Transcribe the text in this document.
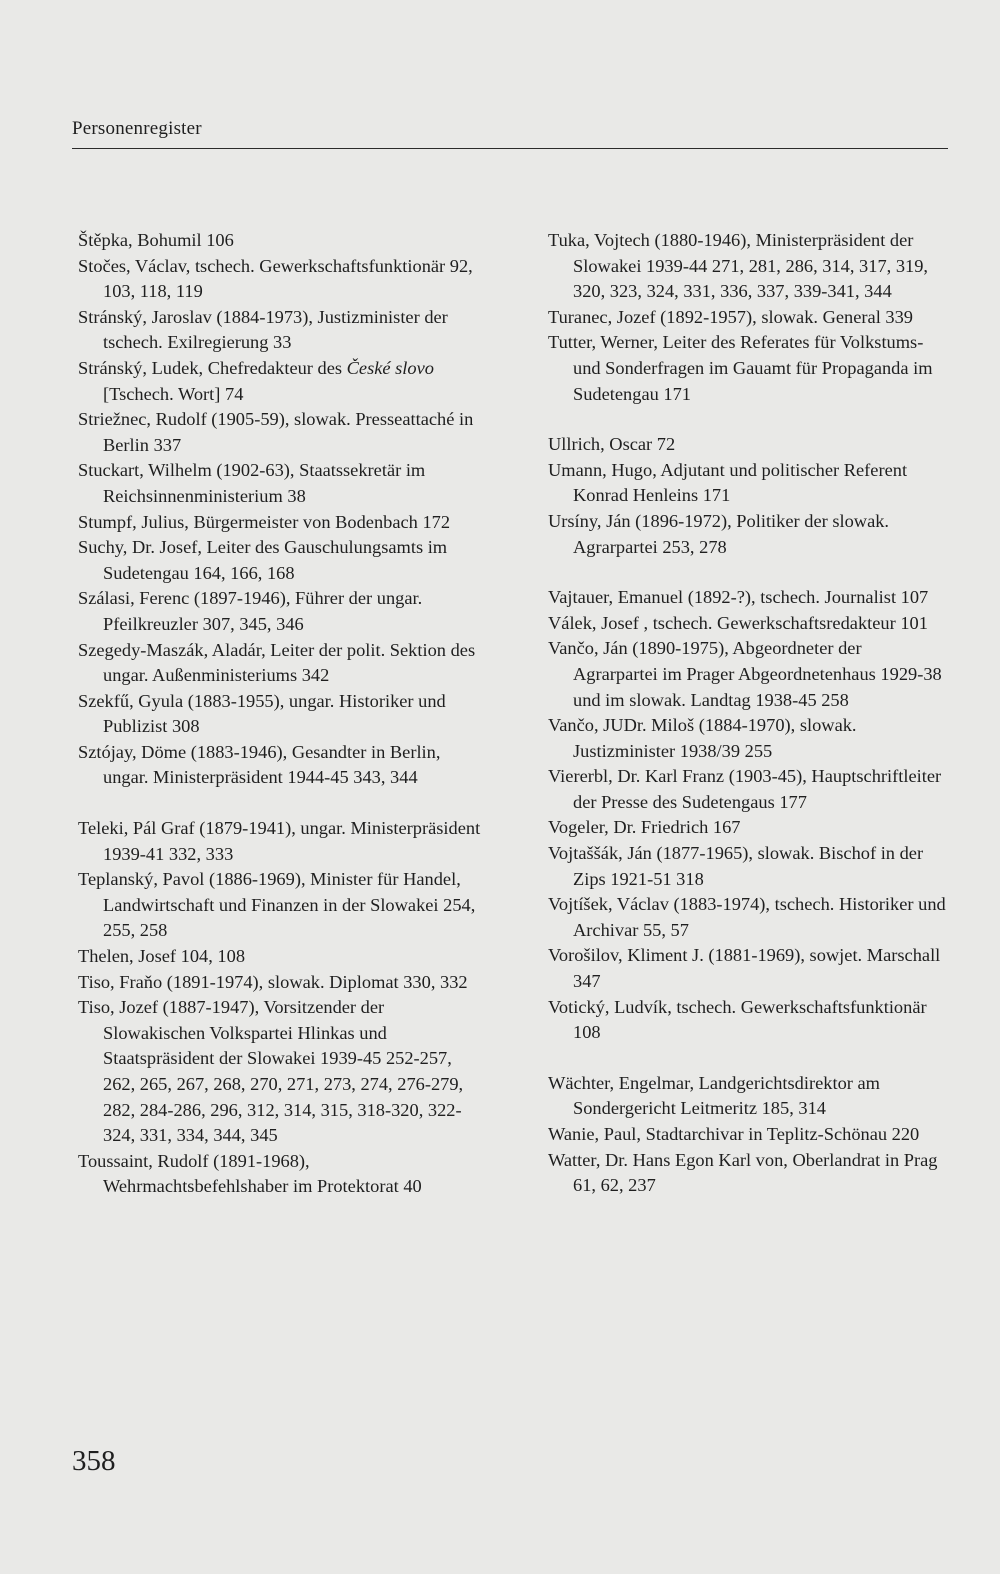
Personenregister

Štěpka, Bohumil 106

Stočes, Václav, tschech. Gewerkschaftsfunktionär 92, 103, 118, 119

Stránský, Jaroslav (1884-1973), Justizminister der tschech. Exilregierung 33

Stránský, Ludek, Chefredakteur des České slovo [Tschech. Wort] 74

Striežnec, Rudolf (1905-59), slowak. Presseattaché in Berlin 337

Stuckart, Wilhelm (1902-63), Staatssekretär im Reichsinnenministerium 38

Stumpf, Julius, Bürgermeister von Bodenbach 172

Suchy, Dr. Josef, Leiter des Gauschulungsamts im Sudetengau 164, 166, 168

Szálasi, Ferenc (1897-1946), Führer der ungar. Pfeilkreuzler 307, 345, 346

Szegedy-Maszák, Aladár, Leiter der polit. Sektion des ungar. Außenministeriums 342

Szekfű, Gyula (1883-1955), ungar. Historiker und Publizist 308

Sztójay, Döme (1883-1946), Gesandter in Berlin, ungar. Ministerpräsident 1944-45 343, 344

Teleki, Pál Graf (1879-1941), ungar. Ministerpräsident 1939-41 332, 333

Teplanský, Pavol (1886-1969), Minister für Handel, Landwirtschaft und Finanzen in der Slowakei 254, 255, 258

Thelen, Josef 104, 108

Tiso, Fraňo (1891-1974), slowak. Diplomat 330, 332

Tiso, Jozef (1887-1947), Vorsitzender der Slowakischen Volkspartei Hlinkas und Staatspräsident der Slowakei 1939-45 252-257, 262, 265, 267, 268, 270, 271, 273, 274, 276-279, 282, 284-286, 296, 312, 314, 315, 318-320, 322-324, 331, 334, 344, 345

Toussaint, Rudolf (1891-1968), Wehrmachtsbefehlshaber im Protektorat 40

Tuka, Vojtech (1880-1946), Ministerpräsident der Slowakei 1939-44 271, 281, 286, 314, 317, 319, 320, 323, 324, 331, 336, 337, 339-341, 344

Turanec, Jozef (1892-1957), slowak. General 339

Tutter, Werner, Leiter des Referates für Volkstums- und Sonderfragen im Gauamt für Propaganda im Sudetengau 171

Ullrich, Oscar 72

Umann, Hugo, Adjutant und politischer Referent Konrad Henleins 171

Ursíny, Ján (1896-1972), Politiker der slowak. Agrarpartei 253, 278

Vajtauer, Emanuel (1892-?), tschech. Journalist 107

Válek, Josef , tschech. Gewerkschaftsredakteur 101

Vančo, Ján (1890-1975), Abgeordneter der Agrarpartei im Prager Abgeordnetenhaus 1929-38 und im slowak. Landtag 1938-45 258

Vančo, JUDr. Miloš (1884-1970), slowak. Justizminister 1938/39 255

Viererbl, Dr. Karl Franz (1903-45), Hauptschriftleiter der Presse des Sudetengaus 177

Vogeler, Dr. Friedrich 167

Vojtaššák, Ján (1877-1965), slowak. Bischof in der Zips 1921-51 318

Vojtíšek, Václav (1883-1974), tschech. Historiker und Archivar 55, 57

Vorošilov, Kliment J. (1881-1969), sowjet. Marschall 347

Votický, Ludvík, tschech. Gewerkschaftsfunktionär 108

Wächter, Engelmar, Landgerichtsdirektor am Sondergericht Leitmeritz 185, 314

Wanie, Paul, Stadtarchivar in Teplitz-Schönau 220

Watter, Dr. Hans Egon Karl von, Oberlandrat in Prag 61, 62, 237

358
